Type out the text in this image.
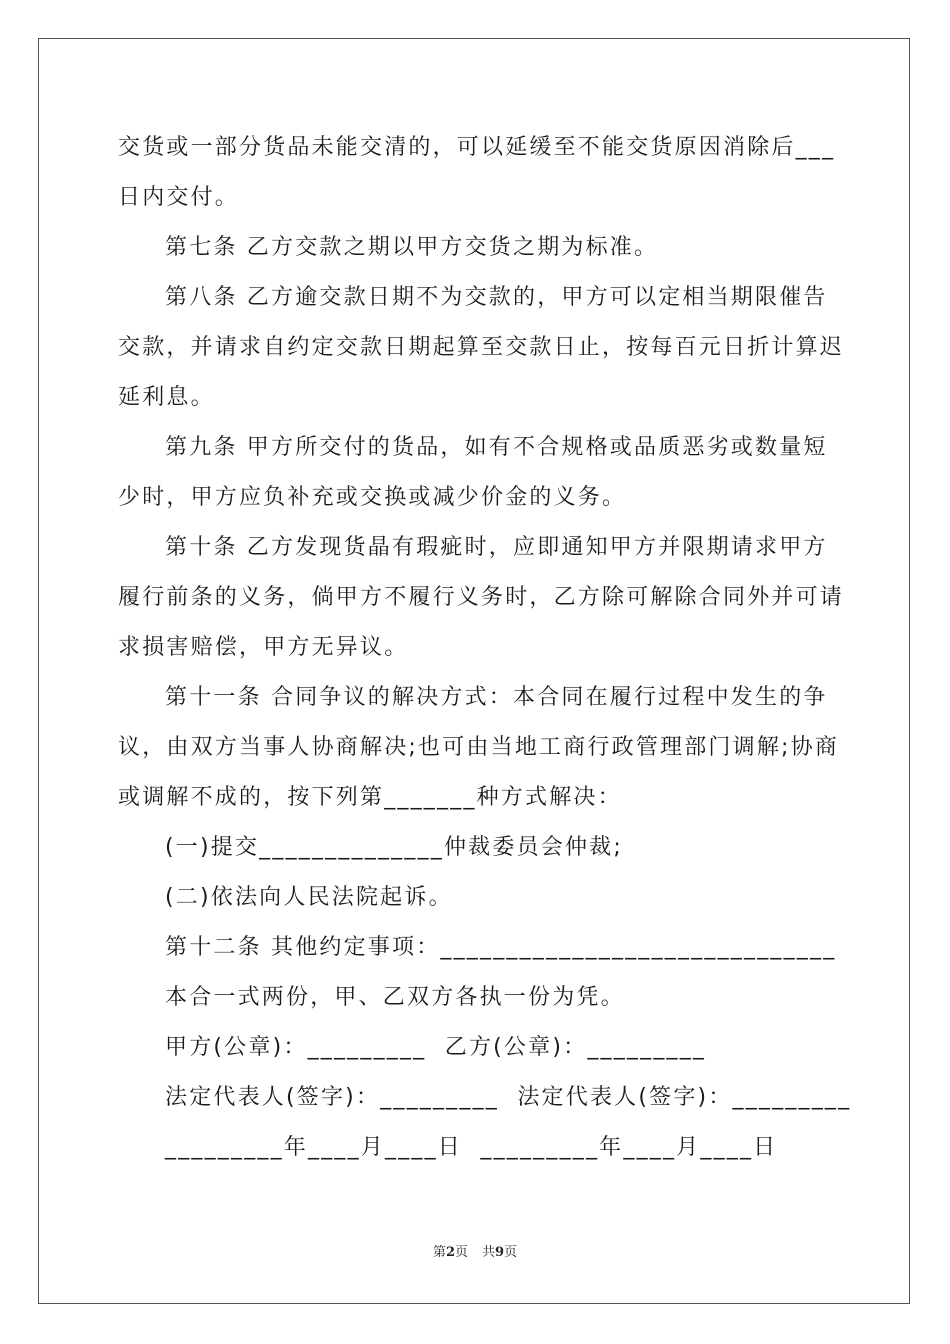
交货或一部分货品未能交清的，可以延缓至不能交货原因消除后___
日内交付。
第七条 乙方交款之期以甲方交货之期为标准。
第八条 乙方逾交款日期不为交款的，甲方可以定相当期限催告
交款，并请求自约定交款日期起算至交款日止，按每百元日折计算迟
延利息。
第九条 甲方所交付的货品，如有不合规格或品质恶劣或数量短
少时，甲方应负补充或交换或减少价金的义务。
第十条 乙方发现货晶有瑕疵时，应即通知甲方并限期请求甲方
履行前条的义务，倘甲方不履行义务时，乙方除可解除合同外并可请
求损害赔偿，甲方无异议。
第十一条 合同争议的解决方式：本合同在履行过程中发生的争
议，由双方当事人协商解决;也可由当地工商行政管理部门调解;协商
或调解不成的，按下列第_______种方式解决：
(一)提交______________仲裁委员会仲裁;
(二)依法向人民法院起诉。
第十二条 其他约定事项：______________________________
本合一式两份，甲、乙双方各执一份为凭。
甲方(公章)：_________  乙方(公章)：_________
法定代表人(签字)：_________  法定代表人(签字)：_________
_________年____月____日  _________年____月____日
第2页 共9页
